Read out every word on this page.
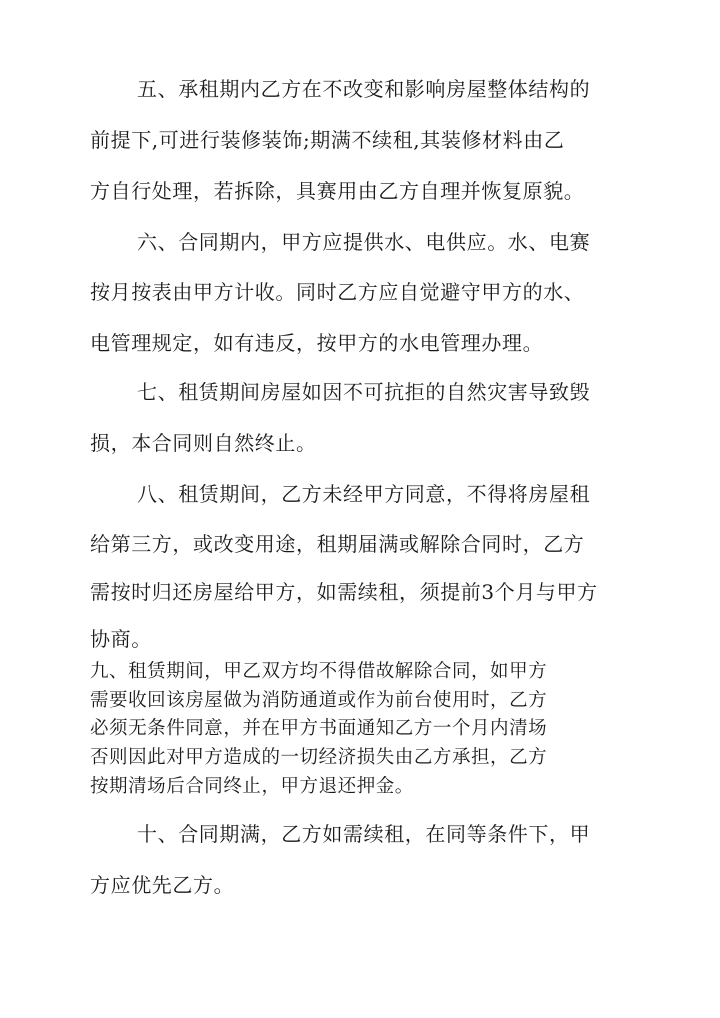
五、承租期内乙方在不改变和影响房屋整体结构的
前提下,可进行装修装饰;期满不续租,其装修材料由乙
方自行处理，若拆除，具赛用由乙方自理并恢复原貌。
六、合同期内，甲方应提供水、电供应。水、电赛
按月按表由甲方计收。同时乙方应自觉避守甲方的水、
电管理规定，如有违反，按甲方的水电管理办理。
七、租赁期间房屋如因不可抗拒的自然灾害导致毁
损，本合同则自然终止。
八、租赁期间，乙方未经甲方同意，不得将房屋租
给第三方，或改变用途，租期届满或解除合同时，乙方
需按时归还房屋给甲方，如需续租，须提前3个月与甲方
协商。
九、租赁期间，甲乙双方均不得借故解除合同，如甲方
需要收回该房屋做为消防通道或作为前台使用时，乙方
必须无条件同意，并在甲方书面通知乙方一个月内清场
否则因此对甲方造成的一切经济损失由乙方承担，乙方
按期清场后合同终止，甲方退还押金。
十、合同期满，乙方如需续租，在同等条件下，甲
方应优先乙方。
